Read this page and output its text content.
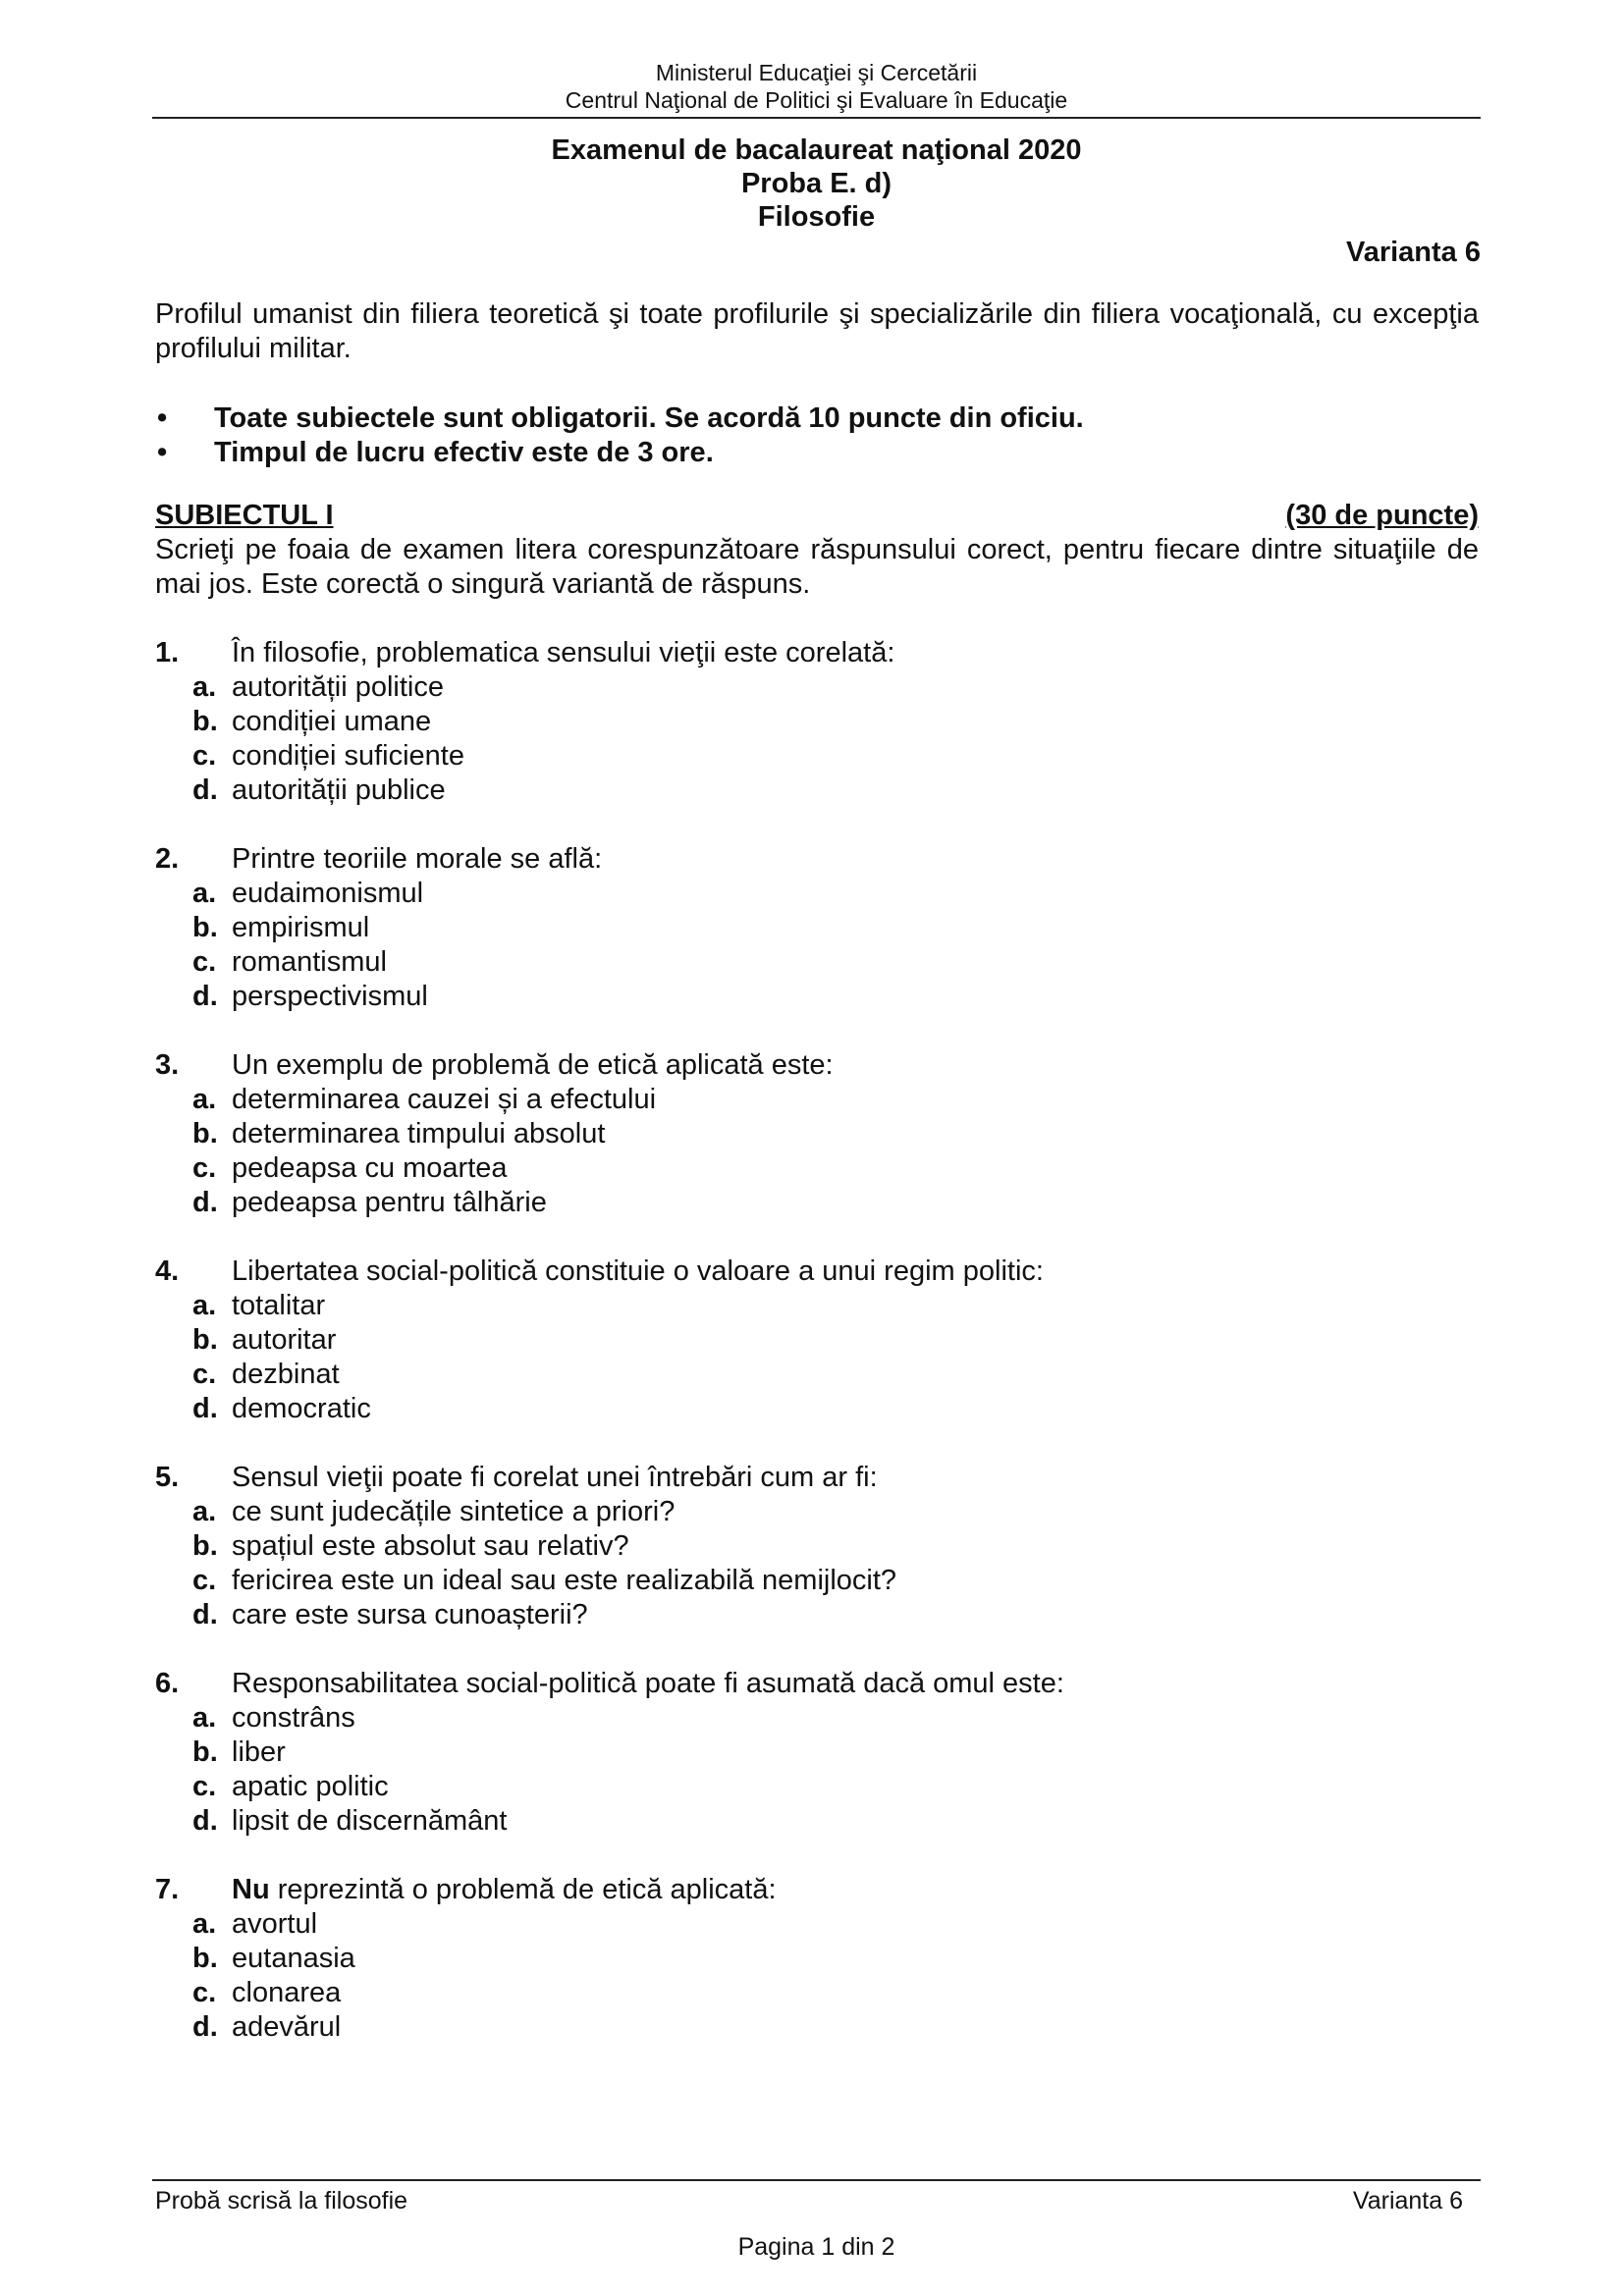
Ministerul Educaţiei şi Cercetării
Centrul Naţional de Politici şi Evaluare în Educaţie
Examenul de bacalaureat naţional 2020
Proba E. d)
Filosofie
Varianta 6
Profilul umanist din filiera teoretică şi toate profilurile şi specializările din filiera vocaţională, cu excepţia profilului militar.
•	Toate subiectele sunt obligatorii. Se acordă 10 puncte din oficiu.
•	Timpul de lucru efectiv este de 3 ore.
SUBIECTUL I	(30 de puncte)
Scrieţi pe foaia de examen litera corespunzătoare răspunsului corect, pentru fiecare dintre situaţiile de mai jos. Este corectă o singură variantă de răspuns.
1.	În filosofie, problematica sensului vieţii este corelată:
a. autorității politice
b. condiției umane
c. condiției suficiente
d. autorității publice
2.	Printre teoriile morale se află:
a. eudaimonismul
b. empirismul
c. romantismul
d. perspectivismul
3.	Un exemplu de problemă de etică aplicată este:
a. determinarea cauzei și a efectului
b. determinarea timpului absolut
c. pedeapsa cu moartea
d. pedeapsa pentru tâlhărie
4.	Libertatea social-politică constituie o valoare a unui regim politic:
a. totalitar
b. autoritar
c. dezbinat
d. democratic
5.	Sensul vieţii poate fi corelat unei întrebări cum ar fi:
a. ce sunt judecățile sintetice a priori?
b. spațiul este absolut sau relativ?
c. fericirea este un ideal sau este realizabilă nemijlocit?
d. care este sursa cunoașterii?
6.	Responsabilitatea social-politică poate fi asumată dacă omul este:
a. constrâns
b. liber
c. apatic politic
d. lipsit de discernământ
7.	Nu reprezintă o problemă de etică aplicată:
a. avortul
b. eutanasia
c. clonarea
d. adevărul
Probă scrisă la filosofie	Varianta 6
Pagina 1 din 2
